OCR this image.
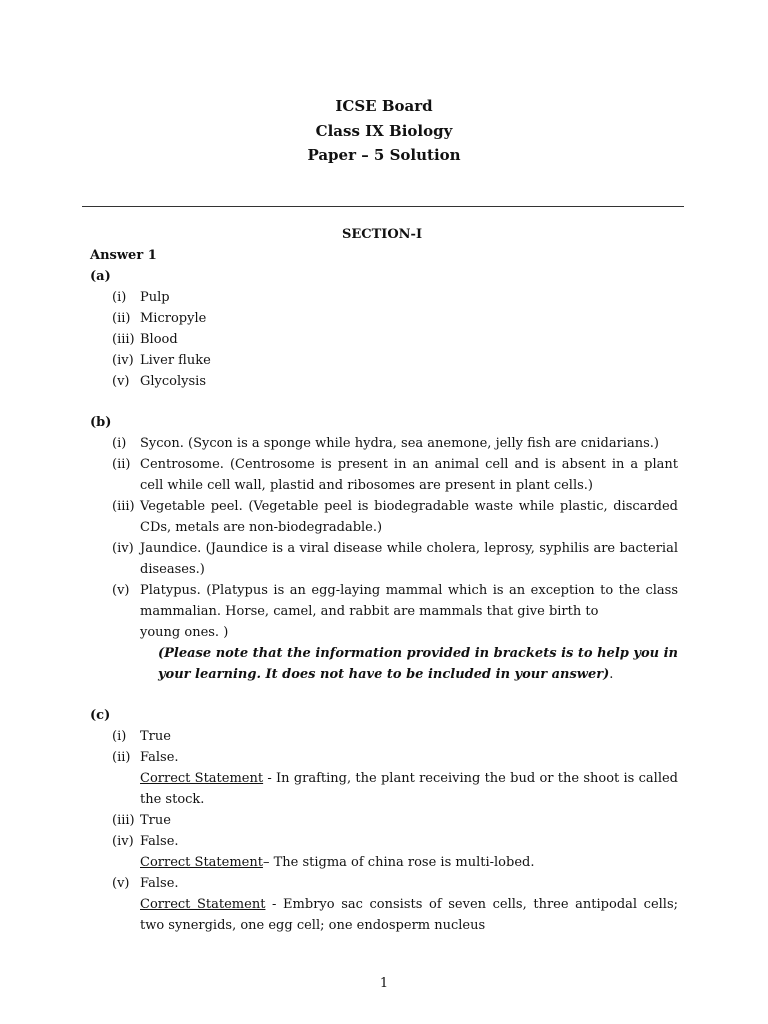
ICSE Board
Class IX Biology
Paper – 5 Solution
SECTION-I
Answer 1
(a)
(i)	Pulp
(ii) Micropyle
(iii) Blood
(iv) Liver fluke
(v) Glycolysis
(b)
(i)	Sycon. (Sycon is a sponge while hydra, sea anemone, jelly fish are cnidarians.)
(ii) Centrosome. (Centrosome is present in an animal cell and is absent in a plant cell while cell wall, plastid and ribosomes are present in plant cells.)
(iii) Vegetable peel. (Vegetable peel is biodegradable waste while plastic, discarded CDs, metals are non-biodegradable.)
(iv) Jaundice. (Jaundice is a viral disease while cholera, leprosy, syphilis are bacterial diseases.)
(v) Platypus. (Platypus is an egg-laying mammal which is an exception to the class mammalian. Horse, camel, and rabbit are mammals that give birth to
young ones. )
(Please note that the information provided in brackets is to help you in your learning. It does not have to be included in your answer).
(c)
(i)	True
(ii) False.
Correct Statement - In grafting, the plant receiving the bud or the shoot is called the stock.
(iii) True
(iv) False.
Correct Statement– The stigma of china rose is multi-lobed.
(v) False.
Correct Statement - Embryo sac consists of seven cells, three antipodal cells; two synergids, one egg cell; one endosperm nucleus
1
